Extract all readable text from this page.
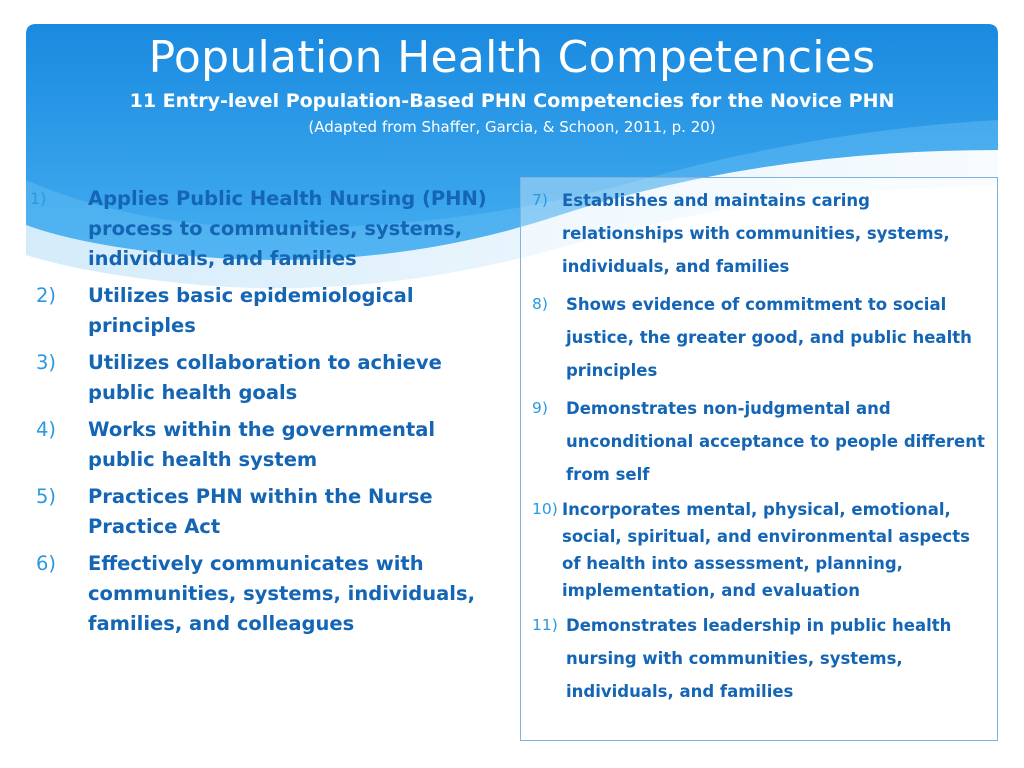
Population Health Competencies
11 Entry-level Population-Based PHN Competencies for the Novice PHN
(Adapted from Shaffer, Garcia, & Schoon, 2011, p. 20)
1) Applies Public Health Nursing (PHN) process to communities, systems, individuals, and families
2) Utilizes basic epidemiological principles
3) Utilizes collaboration to achieve public health goals
4) Works within the governmental public health system
5) Practices PHN within the Nurse Practice Act
6) Effectively communicates with communities, systems, individuals, families, and colleagues
7) Establishes and maintains caring relationships with communities, systems, individuals, and families
8) Shows evidence of commitment to social justice, the greater good, and public health principles
9) Demonstrates non-judgmental and unconditional acceptance to people different from self
10) Incorporates mental, physical, emotional, social, spiritual, and environmental aspects of health into assessment, planning, implementation, and evaluation
11) Demonstrates leadership in public health nursing with communities, systems, individuals, and families
